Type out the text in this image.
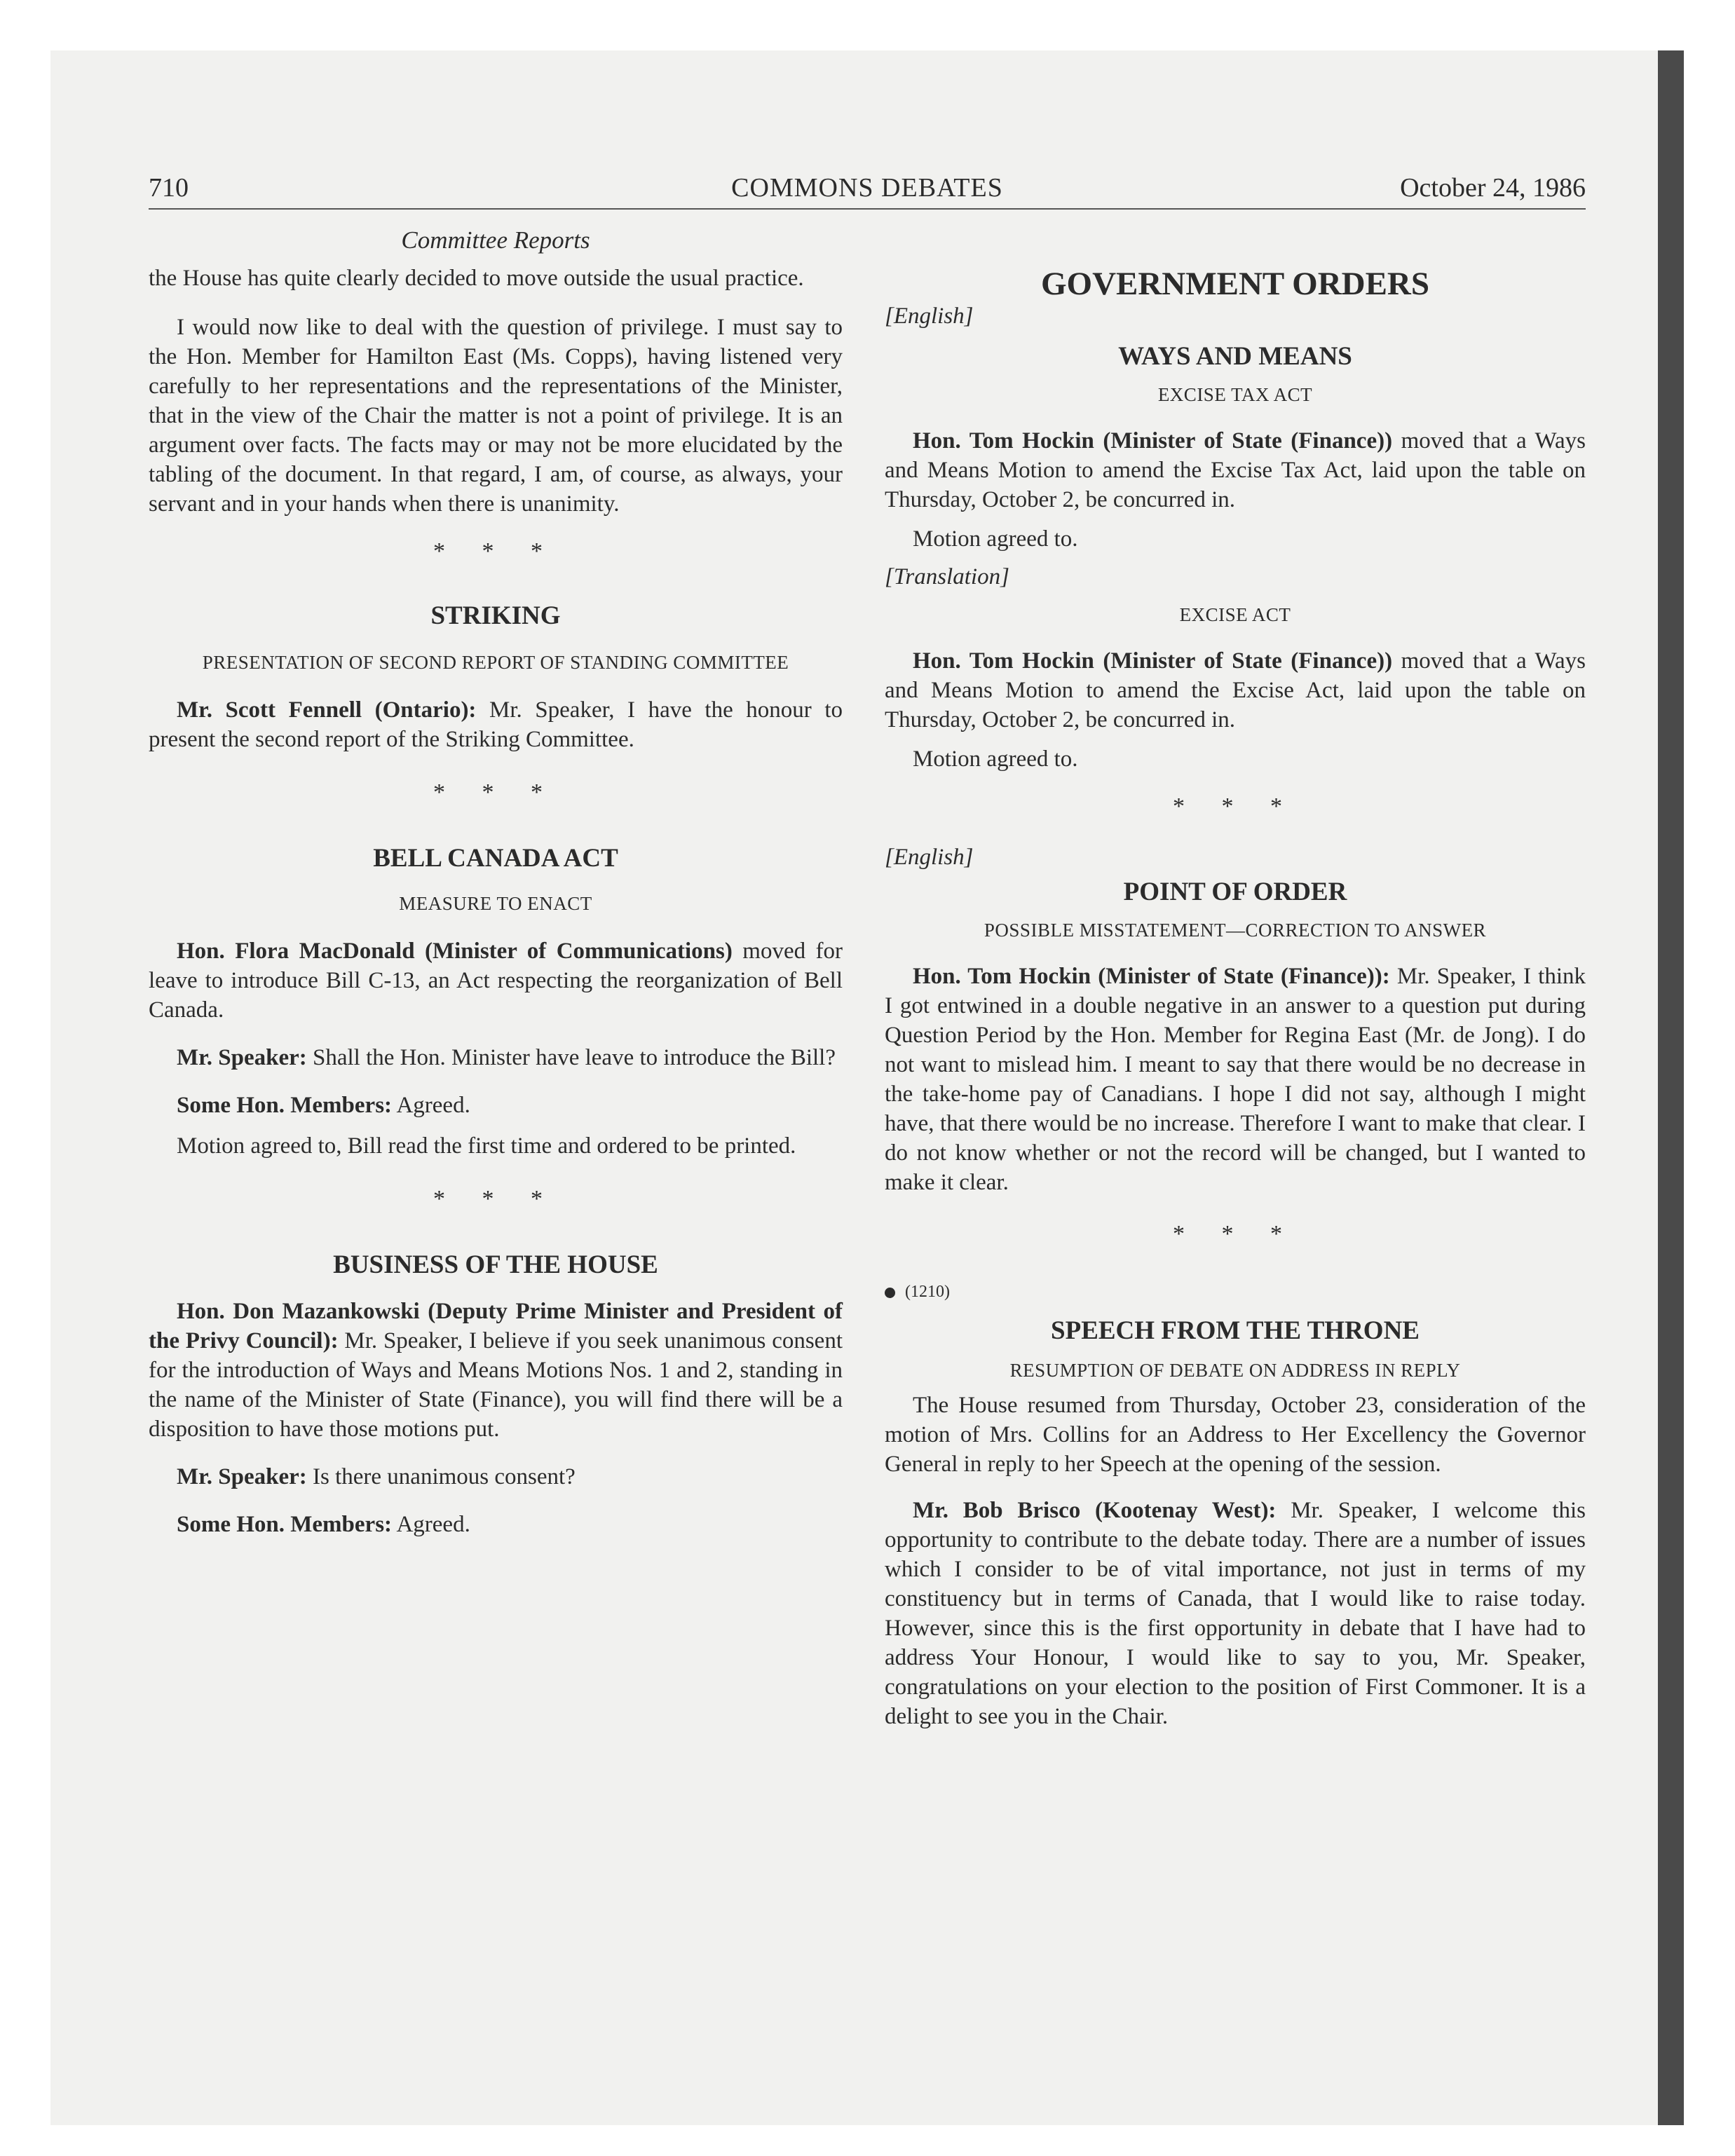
710	COMMONS DEBATES	October 24, 1986

Committee Reports

the House has quite clearly decided to move outside the usual practice.

I would now like to deal with the question of privilege. I must say to the Hon. Member for Hamilton East (Ms. Copps), having listened very carefully to her representations and the representations of the Minister, that in the view of the Chair the matter is not a point of privilege. It is an argument over facts. The facts may or may not be more elucidated by the tabling of the document. In that regard, I am, of course, as always, your servant and in your hands when there is unanimity.

* * *

STRIKING

PRESENTATION OF SECOND REPORT OF STANDING COMMITTEE

Mr. Scott Fennell (Ontario): Mr. Speaker, I have the honour to present the second report of the Striking Committee.

* * *

BELL CANADA ACT

MEASURE TO ENACT

Hon. Flora MacDonald (Minister of Communications) moved for leave to introduce Bill C-13, an Act respecting the reorganization of Bell Canada.

Mr. Speaker: Shall the Hon. Minister have leave to introduce the Bill?

Some Hon. Members: Agreed.

Motion agreed to, Bill read the first time and ordered to be printed.

* * *

BUSINESS OF THE HOUSE

Hon. Don Mazankowski (Deputy Prime Minister and President of the Privy Council): Mr. Speaker, I believe if you seek unanimous consent for the introduction of Ways and Means Motions Nos. 1 and 2, standing in the name of the Minister of State (Finance), you will find there will be a disposition to have those motions put.

Mr. Speaker: Is there unanimous consent?

Some Hon. Members: Agreed.

GOVERNMENT ORDERS

[English]

WAYS AND MEANS

EXCISE TAX ACT

Hon. Tom Hockin (Minister of State (Finance)) moved that a Ways and Means Motion to amend the Excise Tax Act, laid upon the table on Thursday, October 2, be concurred in.

Motion agreed to.

[Translation]

EXCISE ACT

Hon. Tom Hockin (Minister of State (Finance)) moved that a Ways and Means Motion to amend the Excise Act, laid upon the table on Thursday, October 2, be concurred in.

Motion agreed to.

* * *

[English]

POINT OF ORDER

POSSIBLE MISSTATEMENT—CORRECTION TO ANSWER

Hon. Tom Hockin (Minister of State (Finance)): Mr. Speaker, I think I got entwined in a double negative in an answer to a question put during Question Period by the Hon. Member for Regina East (Mr. de Jong). I do not want to mislead him. I meant to say that there would be no decrease in the take-home pay of Canadians. I hope I did not say, although I might have, that there would be no increase. Therefore I want to make that clear. I do not know whether or not the record will be changed, but I wanted to make it clear.

* * *

(1210)

SPEECH FROM THE THRONE

RESUMPTION OF DEBATE ON ADDRESS IN REPLY

The House resumed from Thursday, October 23, consideration of the motion of Mrs. Collins for an Address to Her Excellency the Governor General in reply to her Speech at the opening of the session.

Mr. Bob Brisco (Kootenay West): Mr. Speaker, I welcome this opportunity to contribute to the debate today. There are a number of issues which I consider to be of vital importance, not just in terms of my constituency but in terms of Canada, that I would like to raise today. However, since this is the first opportunity in debate that I have had to address Your Honour, I would like to say to you, Mr. Speaker, congratulations on your election to the position of First Commoner. It is a delight to see you in the Chair.
